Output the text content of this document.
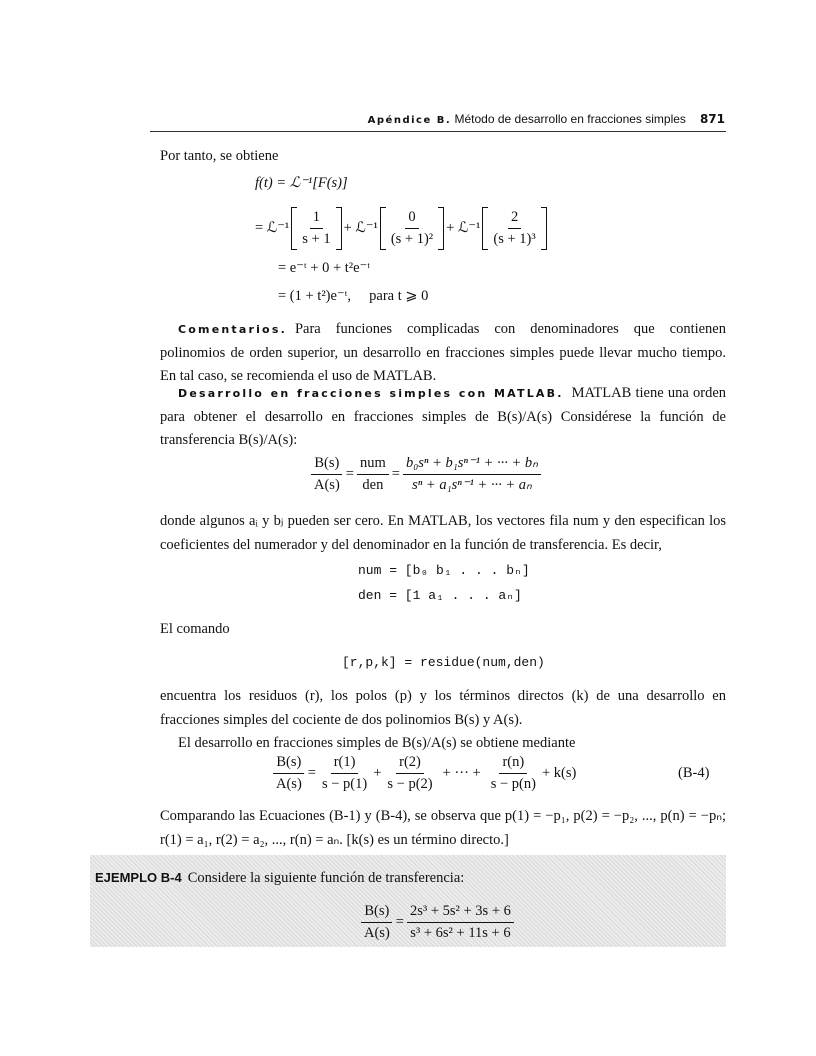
Apéndice B. Método de desarrollo en fracciones simples 871
Por tanto, se obtiene
f(t) = ℒ⁻¹[F(s)]
= ℒ⁻¹ $\frac{1}{s + 1}$ + ℒ⁻¹ $\frac{0}{\text{(s + 1)²}}$ + ℒ⁻¹ $\frac{2}{\text{(s + 1)³}}$
= e⁻ᵗ + 0 + t²e⁻ᵗ
= (1 + t²)e⁻ᵗ,     para t ⩾ 0
Comentarios. Para funciones complicadas con denominadores que contienen polinomios de orden superior, un desarrollo en fracciones simples puede llevar mucho tiempo. En tal caso, se recomienda el uso de MATLAB.
Desarrollo en fracciones simples con MATLAB. MATLAB tiene una orden para obtener el desarrollo en fracciones simples de B(s)/A(s) Considérese la función de transferencia B(s)/A(s):
$\frac{B(s)}{A(s)} = \frac{\text{num}}{\text{den}} = \frac{\text{b₀sⁿ + b₁sⁿ⁻¹ + ··· + bₙ}}{\text{sⁿ + a₁sⁿ⁻¹ + ··· + aₙ}}$
donde algunos aᵢ y bⱼ pueden ser cero. En MATLAB, los vectores fila num y den especifican los coeficientes del numerador y del denominador en la función de transferencia. Es decir,
num = [b₀ b₁ . . . bₙ]
den = [1 a₁ . . . aₙ]
El comando
[r,p,k] = residue(num,den)
encuentra los residuos (r), los polos (p) y los términos directos (k) de una desarrollo en fracciones simples del cociente de dos polinomios B(s) y A(s).
El desarrollo en fracciones simples de B(s)/A(s) se obtiene mediante
$\frac{B(s)}{A(s)} = \frac{r(1)}{s - p(1)} + \frac{r(2)}{s - p(2)}$ + ··· + $\frac{r(n)}{s - p(n)} + k(s)$	(B-4)
Comparando las Ecuaciones (B-1) y (B-4), se observa que p(1) = −p₁, p(2) = −p₂, ..., p(n) = −pₙ; r(1) = a₁, r(2) = a₂, ..., r(n) = aₙ. [k(s) es un término directo.]
EJEMPLO B-4 Considere la siguiente función de transferencia:
$\frac{B(s)}{A(s)} = \frac{\text{2s³ + 5s² + 3s + 6}}{\text{s³ + 6s² + 11s + 6}}$
